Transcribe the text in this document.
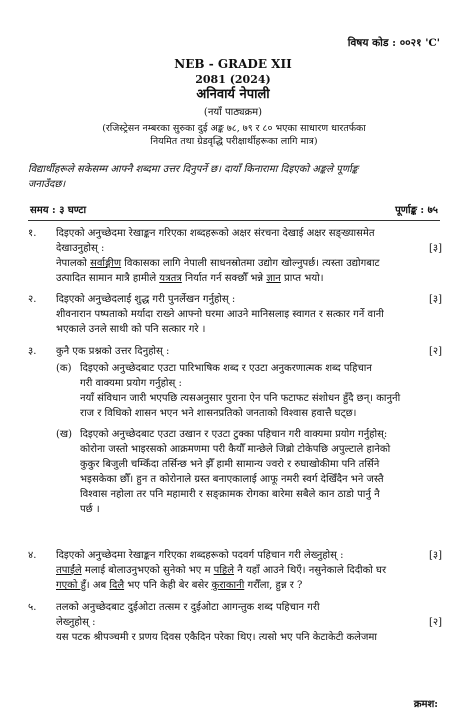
विषय कोड : ००२१ 'C'
NEB - GRADE XII
2081 (2024)
अनिवार्य नेपाली
(नयाँ पाठ्यक्रम)
(रजिस्ट्रेसन नम्बरका सुरुका दुई अङ्क ७८, ७९ र ८० भएका साधारण धारतर्फका
नियमित तथा ग्रेडवृद्धि परीक्षार्थीहरूका लागि मात्र)
विद्यार्थीहरूले सकेसम्म आफ्नै शब्दमा उत्तर दिनुपर्ने छ। दायाँ किनारामा दिइएको अङ्कले पूर्णाङ्क
जनाउँदछ।
समय : ३ घण्टा	पूर्णाङ्क : ७५
१.	दिइएको अनुच्छेदमा रेखाङ्कन गरिएका शब्दहरूको अक्षर संरचना देखाई अक्षर सङ्ख्यासमेत
देखाउनुहोस् :	[३]
नेपालको सर्वाङ्गीण विकासका लागि नेपाली साधनस्रोतमा उद्योग खोल्नुपर्छ। त्यस्ता उद्योगबाट
उत्पादित सामान मात्रै हामीले यत्रतत्र निर्यात गर्न सक्छौँ भन्ने ज्ञान प्राप्त भयो।
२.	दिइएको अनुच्छेदलाई शुद्ध गरी पुनर्लेखन गर्नुहोस् :	[३]
शीवनारान पष्पताको मर्यादा राख्ने आफ्नो घरमा आउने मानिसलाइ स्वागत र सत्कार गर्ने वानी
भएकाले उनले साथी को पनि सत्कार गरे ।
३.	कुनै एक प्रश्नको उत्तर दिनुहोस् :	[२]
(क) दिइएको अनुच्छेदबाट एउटा पारिभाषिक शब्द र एउटा अनुकरणात्मक शब्द पहिचान
गरी वाक्यमा प्रयोग गर्नुहोस् :
नयाँ संविधान जारी भएपछि त्यसअनुसार पुराना ऐन पनि फटाफट संशोधन हुँदै छन्। कानुनी
राज र विधिको शासन भएन भने शासनप्रतिको जनताको विश्वास हवात्तै घट्छ।
(ख) दिइएको अनुच्छेदबाट एउटा उखान र एउटा टुक्का पहिचान गरी वाक्यमा प्रयोग गर्नुहोस्:
कोरोना जस्तो भाइरसको आक्रमणमा परी कैयौँ मान्छेले जिब्रो टोकेपछि अपुल्टाले हानेको
कुकुर बिजुली चम्किँदा तर्सिन्छ भने झैँ हामी सामान्य ज्वरो र रुघाखोकीमा पनि तर्सिने
भइसकेका छौँ। हुन त कोरोनाले ग्रस्त बनाएकालाई आफू नमरी स्वर्ग देखिँदैन भने जस्तै
विश्वास नहोला तर पनि महामारी र सङ्क्रामक रोगका बारेमा सबैले कान ठाडो पार्नु नै
पर्छ ।
४.	दिइएको अनुच्छेदमा रेखाङ्कन गरिएका शब्दहरूको पदवर्ग पहिचान गरी लेख्नुहोस् :	[३]
तपाईंले मलाई बोलाउनुभएको सुनेको भए म पहिले नै यहाँ आउने थिएँ। नसुनेकाले दिदीको घर
गएको हुँ। अब दिलै भए पनि केही बेर बसेर कुराकानी गरौँला, हुन्न र ?
५.	तलको अनुच्छेदबाट दुईओटा तत्सम र दुईओटा आगन्तुक शब्द पहिचान गरी
लेख्नुहोस् :	[२]
यस पटक श्रीपञ्चमी र प्रणय दिवस एकैदिन परेका थिए। त्यसो भए पनि केटाकेटी कलेजमा
क्रमश:
